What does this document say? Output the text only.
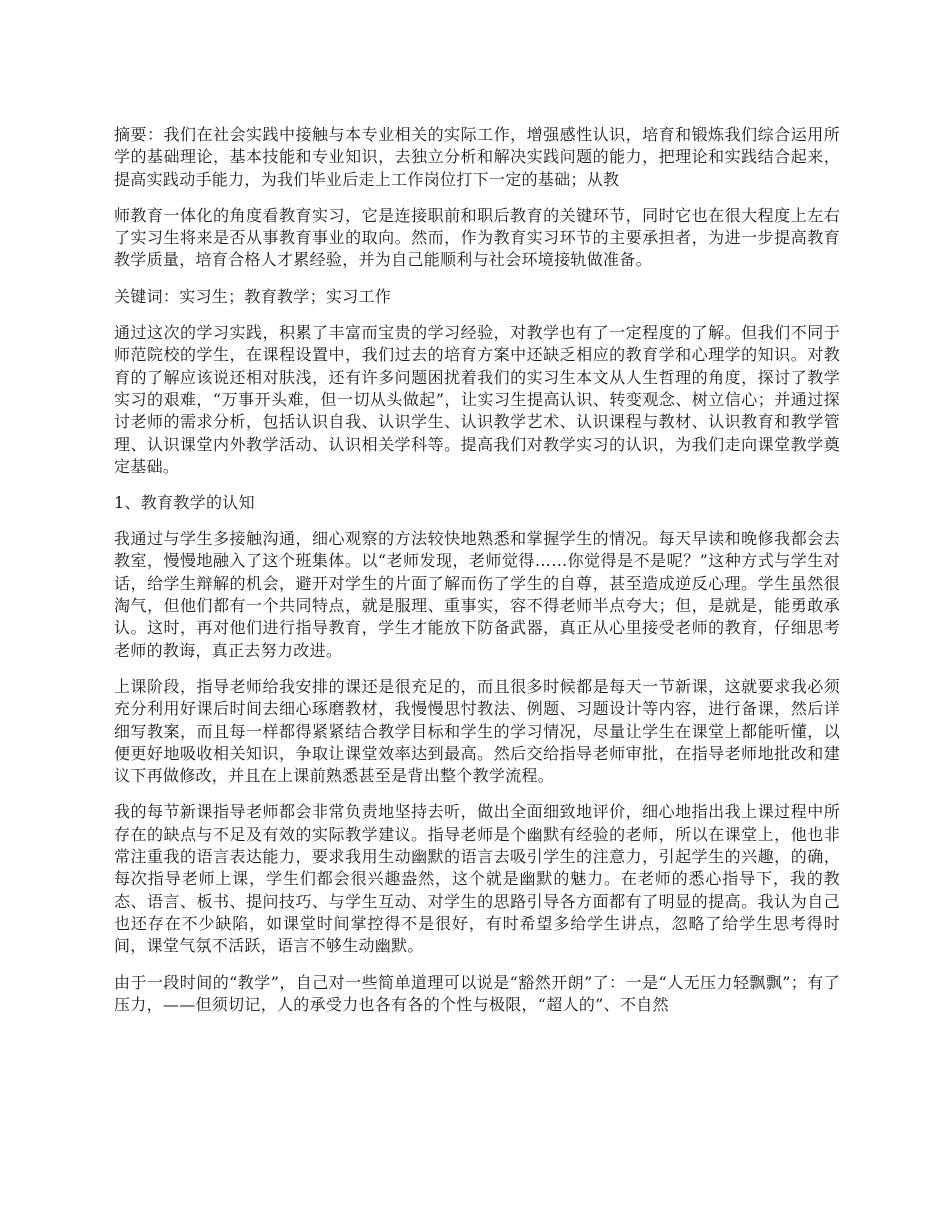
摘要：我们在社会实践中接触与本专业相关的实际工作，增强感性认识，培育和锻炼我们综合运用所学的基础理论，基本技能和专业知识，去独立分析和解决实践问题的能力，把理论和实践结合起来，提高实践动手能力，为我们毕业后走上工作岗位打下一定的基础；从教

师教育一体化的角度看教育实习，它是连接职前和职后教育的关键环节，同时它也在很大程度上左右了实习生将来是否从事教育事业的取向。然而，作为教育实习环节的主要承担者，为进一步提高教育教学质量，培育合格人才累经验，并为自己能顺利与社会环境接轨做准备。

关键词：实习生；教育教学；实习工作

通过这次的学习实践，积累了丰富而宝贵的学习经验，对教学也有了一定程度的了解。但我们不同于师范院校的学生，在课程设置中，我们过去的培育方案中还缺乏相应的教育学和心理学的知识。对教育的了解应该说还相对肤浅，还有许多问题困扰着我们的实习生本文从人生哲理的角度，探讨了教学实习的艰难，“万事开头难，但一切从头做起”，让实习生提高认识、转变观念、树立信心；并通过探讨老师的需求分析，包括认识自我、认识学生、认识教学艺术、认识课程与教材、认识教育和教学管理、认识课堂内外教学活动、认识相关学科等。提高我们对教学实习的认识，为我们走向课堂教学奠定基础。

1、教育教学的认知

我通过与学生多接触沟通，细心观察的方法较快地熟悉和掌握学生的情况。每天早读和晚修我都会去教室，慢慢地融入了这个班集体。以“老师发现，老师觉得……你觉得是不是呢？”这种方式与学生对话，给学生辩解的机会，避开对学生的片面了解而伤了学生的自尊，甚至造成逆反心理。学生虽然很淘气，但他们都有一个共同特点，就是服理、重事实，容不得老师半点夸大；但，是就是，能勇敢承认。这时，再对他们进行指导教育，学生才能放下防备武器，真正从心里接受老师的教育，仔细思考老师的教诲，真正去努力改进。

上课阶段，指导老师给我安排的课还是很充足的，而且很多时候都是每天一节新课，这就要求我必须充分利用好课后时间去细心琢磨教材，我慢慢思忖教法、例题、习题设计等内容，进行备课，然后详细写教案，而且每一样都得紧紧结合教学目标和学生的学习情况，尽量让学生在课堂上都能听懂，以便更好地吸收相关知识，争取让课堂效率达到最高。然后交给指导老师审批，在指导老师地批改和建议下再做修改，并且在上课前熟悉甚至是背出整个教学流程。

我的每节新课指导老师都会非常负责地坚持去听，做出全面细致地评价，细心地指出我上课过程中所存在的缺点与不足及有效的实际教学建议。指导老师是个幽默有经验的老师，所以在课堂上，他也非常注重我的语言表达能力，要求我用生动幽默的语言去吸引学生的注意力，引起学生的兴趣，的确，每次指导老师上课，学生们都会很兴趣盎然，这个就是幽默的魅力。在老师的悉心指导下，我的教态、语言、板书、提问技巧、与学生互动、对学生的思路引导各方面都有了明显的提高。我认为自己也还存在不少缺陷，如课堂时间掌控得不是很好，有时希望多给学生讲点，忽略了给学生思考得时间，课堂气氛不活跃，语言不够生动幽默。

由于一段时间的“教学”，自己对一些简单道理可以说是“豁然开朗”了：一是“人无压力轻飘飘”；有了压力，——但须切记，人的承受力也各有各的个性与极限，“超人的”、不自然
